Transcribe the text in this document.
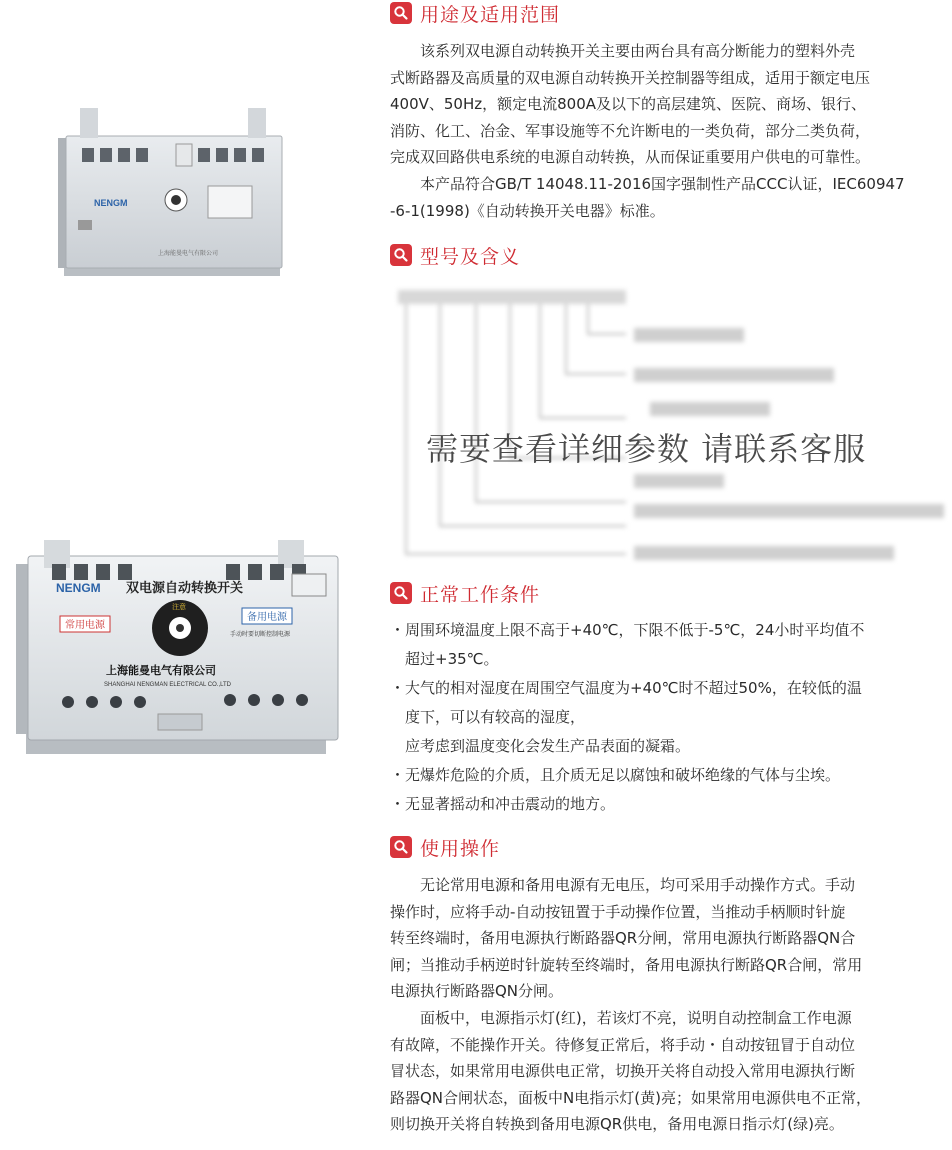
NENGM
上海能曼电气有限公司
NENGM 双电源自动转换开关
常用电源
备用电源
注意
手动时要切断控制电源
上海能曼电气有限公司
SHANGHAI NENGMAN ELECTRICAL CO.,LTD
用途及适用范围
　　该系列双电源自动转换开关主要由两台具有高分断能力的塑料外壳
式断路器及高质量的双电源自动转换开关控制器等组成，适用于额定电压
400V、50Hz，额定电流800A及以下的高层建筑、医院、商场、银行、
消防、化工、冶金、军事设施等不允许断电的一类负荷，部分二类负荷，
完成双回路供电系统的电源自动转换，从而保证重要用户供电的可靠性。
　　本产品符合GB/T 14048.11-2016国字强制性产品CCC认证，IEC60947
-6-1(1998)《自动转换开关电器》标准。
型号及含义
需要查看详细参数 请联系客服
正常工作条件
・周围环境温度上限不高于+40℃，下限不低于-5℃，24小时平均值不
　超过+35℃。
・大气的相对湿度在周围空气温度为+40℃时不超过50%，在较低的温
　度下，可以有较高的湿度，
　应考虑到温度变化会发生产品表面的凝霜。
・无爆炸危险的介质，且介质无足以腐蚀和破坏绝缘的气体与尘埃。
・无显著摇动和冲击震动的地方。
使用操作
　　无论常用电源和备用电源有无电压，均可采用手动操作方式。手动
操作时，应将手动-自动按钮置于手动操作位置，当推动手柄顺时针旋
转至终端时，备用电源执行断路器QR分闸，常用电源执行断路器QN合
闸；当推动手柄逆时针旋转至终端时，备用电源执行断路QR合闸，常用
电源执行断路器QN分闸。
　　面板中，电源指示灯(红)，若该灯不亮，说明自动控制盒工作电源
有故障，不能操作开关。待修复正常后，将手动・自动按钮冒于自动位
冒状态，如果常用电源供电正常，切换开关将自动投入常用电源执行断
路器QN合闸状态，面板中N电指示灯(黄)亮；如果常用电源供电不正常，
则切换开关将自转换到备用电源QR供电，备用电源日指示灯(绿)亮。
